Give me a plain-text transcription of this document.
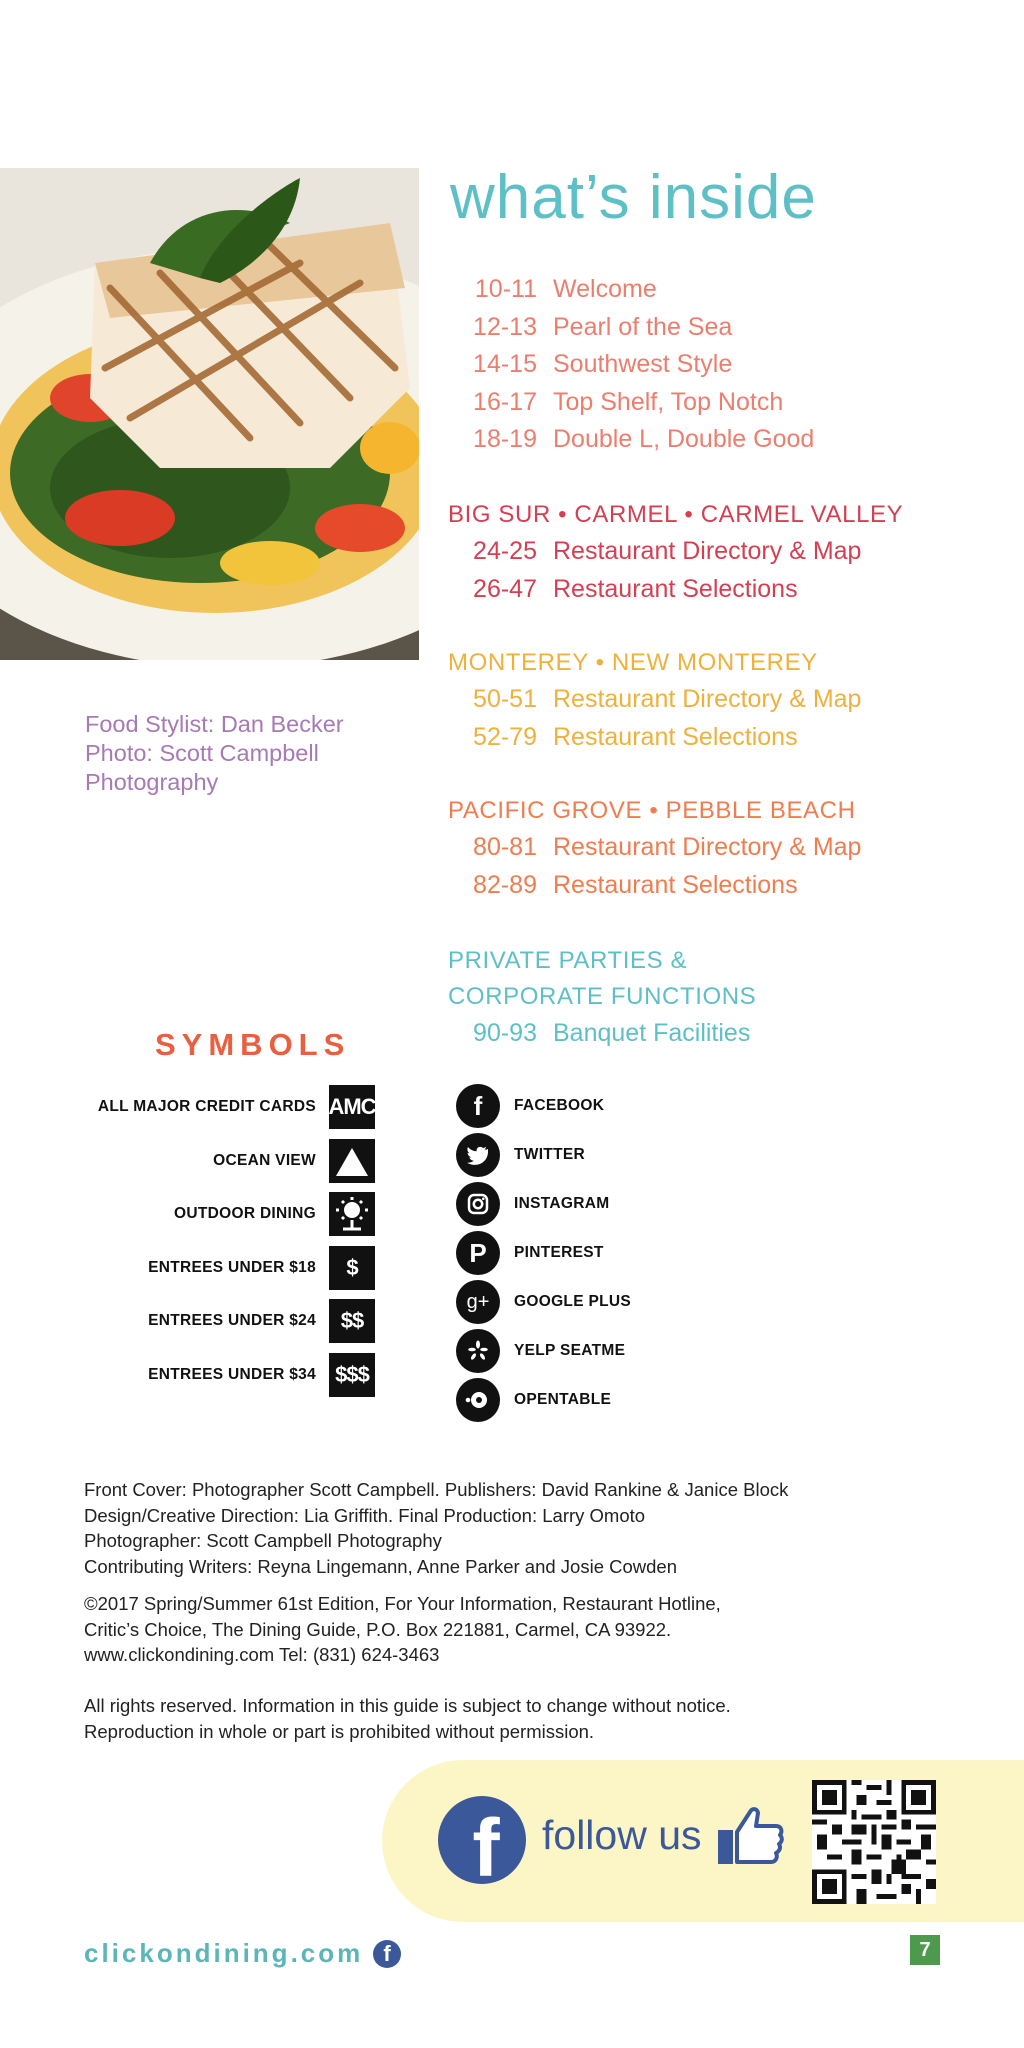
Food Stylist: Dan Becker
Photo: Scott Campbell
Photography
what’s inside
10-11 Welcome
12-13 Pearl of the Sea
14-15 Southwest Style
16-17 Top Shelf, Top Notch
18-19 Double L, Double Good
BIG SUR • CARMEL • CARMEL VALLEY
24-25 Restaurant Directory & Map
26-47 Restaurant Selections
MONTEREY • NEW MONTEREY
50-51 Restaurant Directory & Map
52-79 Restaurant Selections
PACIFIC GROVE • PEBBLE BEACH
80-81 Restaurant Directory & Map
82-89 Restaurant Selections
PRIVATE PARTIES &
CORPORATE FUNCTIONS
90-93 Banquet Facilities
SYMBOLS
ALL MAJOR CREDIT CARDS AMC
OCEAN VIEW
OUTDOOR DINING
ENTREES UNDER $18	$
ENTREES UNDER $24	$$
ENTREES UNDER $34 $$$
f	FACEBOOK
TWITTER
INSTAGRAM
P	PINTEREST
g+	GOOGLE PLUS
YELP SEATME
OPENTABLE
Front Cover: Photographer Scott Campbell. Publishers: David Rankine & Janice Block
Design/Creative Direction: Lia Griffith. Final Production: Larry Omoto
Photographer: Scott Campbell Photography
Contributing Writers: Reyna Lingemann, Anne Parker and Josie Cowden
©2017 Spring/Summer 61st Edition, For Your Information, Restaurant Hotline,
Critic’s Choice, The Dining Guide, P.O. Box 221881, Carmel, CA 93922.
www.clickondining.com Tel: (831) 624-3463
All rights reserved. Information in this guide is subject to change without notice.
Reproduction in whole or part is prohibited without permission.
f follow us
clickondining.com f	7
